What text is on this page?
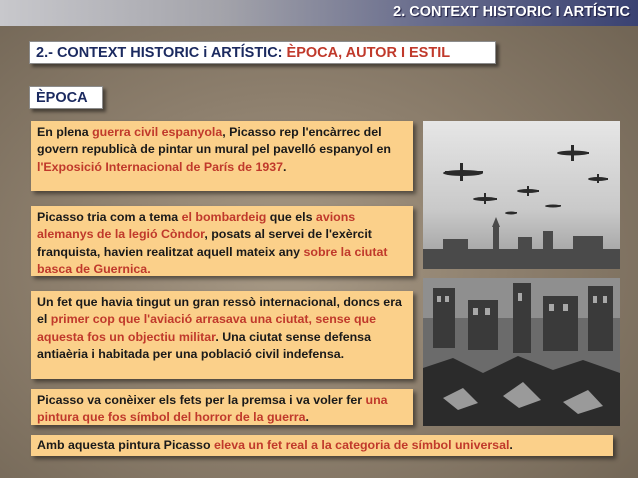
2. CONTEXT HISTORIC I ARTÍSTIC
2.- CONTEXT HISTORIC i ARTÍSTIC: ÈPOCA, AUTOR I ESTIL
ÈPOCA
En plena guerra civil espanyola, Picasso rep l'encàrrec del govern republicà de pintar un mural pel pavelló espanyol en l'Exposició Internacional de París de 1937.
Picasso tria com a tema el bombardeig que els avions alemanys de la legió Còndor, posats al servei de l'exèrcit franquista, havien realitzat aquell mateix any sobre la ciutat basca de Guernica.
Un fet que havia tingut un gran ressò internacional, doncs era el primer cop que l'aviació arrasava una ciutat, sense que aquesta fos un objectiu militar. Una ciutat sense defensa antiaèria i habitada per una població civil indefensa.
Picasso va conèixer els fets per la premsa i va voler fer una pintura que fos símbol del horror de la guerra.
Amb aquesta pintura Picasso eleva un fet real a la categoria de símbol universal.
